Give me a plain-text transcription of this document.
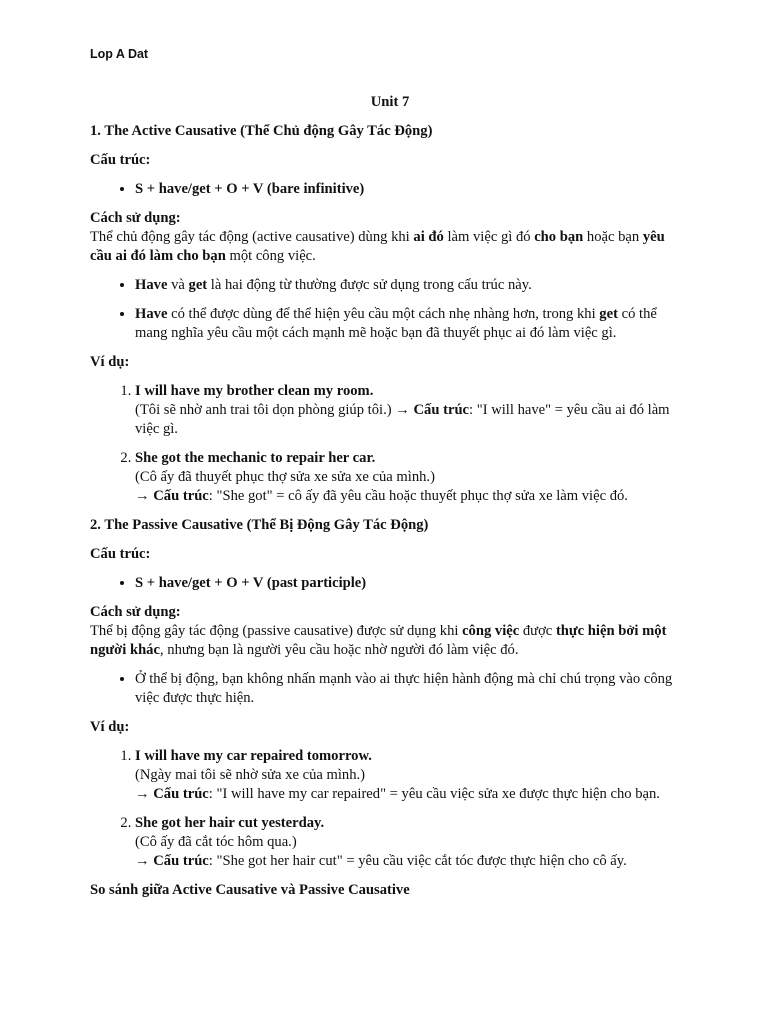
Lop A Dat
Unit 7
1. The Active Causative (Thể Chủ động Gây Tác Động)
Cấu trúc:
• S + have/get + O + V (bare infinitive)
Cách sử dụng:
Thể chủ động gây tác động (active causative) dùng khi ai đó làm việc gì đó cho bạn hoặc bạn yêu cầu ai đó làm cho bạn một công việc.
• Have và get là hai động từ thường được sử dụng trong cấu trúc này.
• Have có thể được dùng để thể hiện yêu cầu một cách nhẹ nhàng hơn, trong khi get có thể mang nghĩa yêu cầu một cách mạnh mẽ hoặc bạn đã thuyết phục ai đó làm việc gì.
Ví dụ:
1. I will have my brother clean my room.
(Tôi sẽ nhờ anh trai tôi dọn phòng giúp tôi.) → Cấu trúc: "I will have" = yêu cầu ai đó làm việc gì.
2. She got the mechanic to repair her car.
(Cô ấy đã thuyết phục thợ sửa xe sửa xe của mình.)
→ Cấu trúc: "She got" = cô ấy đã yêu cầu hoặc thuyết phục thợ sửa xe làm việc đó.
2. The Passive Causative (Thể Bị Động Gây Tác Động)
Cấu trúc:
• S + have/get + O + V (past participle)
Cách sử dụng:
Thể bị động gây tác động (passive causative) được sử dụng khi công việc được thực hiện bởi một người khác, nhưng bạn là người yêu cầu hoặc nhờ người đó làm việc đó.
• Ở thể bị động, bạn không nhấn mạnh vào ai thực hiện hành động mà chỉ chú trọng vào công việc được thực hiện.
Ví dụ:
1. I will have my car repaired tomorrow.
(Ngày mai tôi sẽ nhờ sửa xe của mình.)
→ Cấu trúc: "I will have my car repaired" = yêu cầu việc sửa xe được thực hiện cho bạn.
2. She got her hair cut yesterday.
(Cô ấy đã cắt tóc hôm qua.)
→ Cấu trúc: "She got her hair cut" = yêu cầu việc cắt tóc được thực hiện cho cô ấy.
So sánh giữa Active Causative và Passive Causative
